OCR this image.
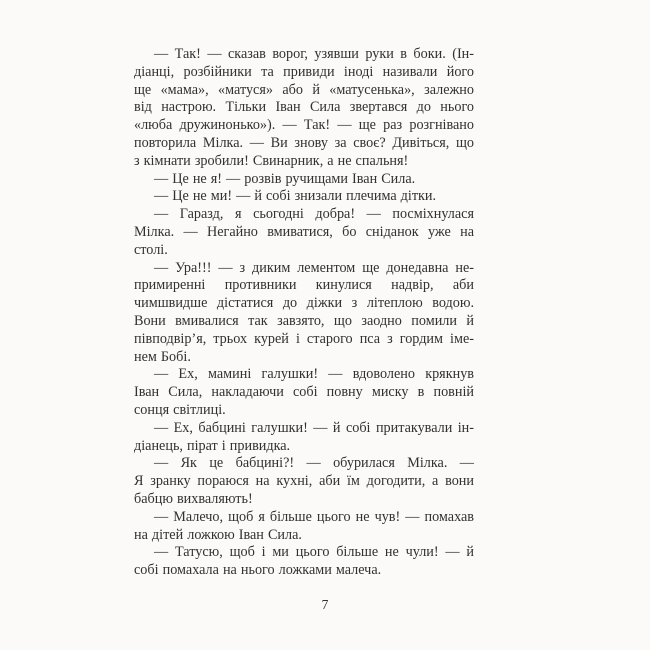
— Так! — сказав ворог, узявши руки в боки. (Ін-
діанці, розбійники та привиди іноді називали його
ще «мама», «матуся» або й «матусенька», залежно
від настрою. Тільки Іван Сила звертався до нього
«люба дружинонько»). — Так! — ще раз розгнівано
повторила Мілка. — Ви знову за своє? Дивіться, що
з кімнати зробили! Свинарник, а не спальня!
— Це не я! — розвів ручищами Іван Сила.
— Це не ми! — й собі знизали плечима дітки.
— Гаразд, я сьогодні добра! — посміхнулася
Мілка. — Негайно вмиватися, бо сніданок уже на
столі.
— Ура!!! — з диким лементом ще донедавна не-
примиренні противники кинулися надвір, аби
чимшвидше дістатися до діжки з літеплою водою.
Вони вмивалися так завзято, що заодно помили й
півподвір’я, трьох курей і старого пса з гордим іме-
нем Бобі.
— Ех, мамині галушки! — вдоволено крякнув
Іван Сила, накладаючи собі повну миску в повній
сонця світлиці.
— Ех, бабцині галушки! — й собі притакували ін-
діанець, пірат і привидка.
— Як це бабцині?! — обурилася Мілка. —
Я зранку пораюся на кухні, аби їм догодити, а вони
бабцю вихваляють!
— Малечо, щоб я більше цього не чув! — помахав
на дітей ложкою Іван Сила.
— Татусю, щоб і ми цього більше не чули! — й
собі помахала на нього ложками малеча.
7
